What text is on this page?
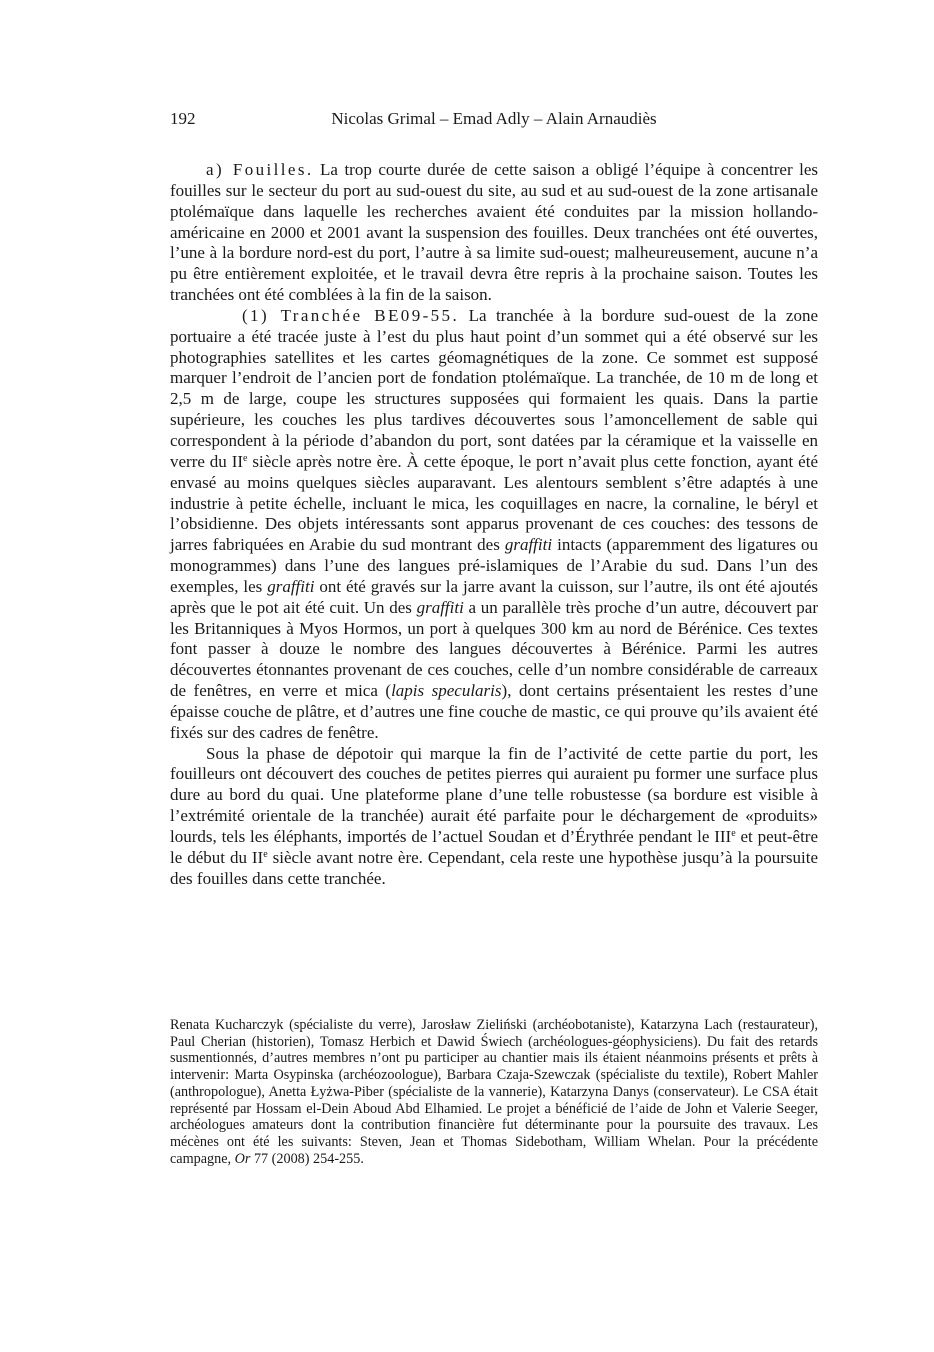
192	Nicolas Grimal – Emad Adly – Alain Arnaudiès

a) Fouilles. La trop courte durée de cette saison a obligé l’équipe à concentrer les fouilles sur le secteur du port au sud-ouest du site, au sud et au sud-ouest de la zone artisanale ptolémaïque dans laquelle les recherches avaient été conduites par la mission hollando-américaine en 2000 et 2001 avant la suspension des fouilles. Deux tranchées ont été ouvertes, l’une à la bordure nord-est du port, l’autre à sa limite sud-ouest; malheureusement, aucune n’a pu être entièrement exploitée, et le travail devra être repris à la prochaine saison. Toutes les tranchées ont été comblées à la fin de la saison.

(1) Tranchée BE09-55. La tranchée à la bordure sud-ouest de la zone portuaire a été tracée juste à l’est du plus haut point d’un sommet qui a été observé sur les photographies satellites et les cartes géomagnétiques de la zone. Ce sommet est supposé marquer l’endroit de l’ancien port de fondation ptolémaïque. La tranchée, de 10 m de long et 2,5 m de large, coupe les structures supposées qui formaient les quais. Dans la partie supérieure, les couches les plus tardives découvertes sous l’amoncellement de sable qui correspondent à la période d’abandon du port, sont datées par la céramique et la vaisselle en verre du IIe siècle après notre ère. À cette époque, le port n’avait plus cette fonction, ayant été envasé au moins quelques siècles auparavant. Les alentours semblent s’être adaptés à une industrie à petite échelle, incluant le mica, les coquillages en nacre, la cornaline, le béryl et l’obsidienne. Des objets intéressants sont apparus provenant de ces couches: des tessons de jarres fabriquées en Arabie du sud montrant des graffiti intacts (apparemment des ligatures ou monogrammes) dans l’une des langues pré-islamiques de l’Arabie du sud. Dans l’un des exemples, les graffiti ont été gravés sur la jarre avant la cuisson, sur l’autre, ils ont été ajoutés après que le pot ait été cuit. Un des graffiti a un parallèle très proche d’un autre, découvert par les Britanniques à Myos Hormos, un port à quelques 300 km au nord de Bérénice. Ces textes font passer à douze le nombre des langues découvertes à Bérénice. Parmi les autres découvertes étonnantes provenant de ces couches, celle d’un nombre considérable de carreaux de fenêtres, en verre et mica (lapis specularis), dont certains présentaient les restes d’une épaisse couche de plâtre, et d’autres une fine couche de mastic, ce qui prouve qu’ils avaient été fixés sur des cadres de fenêtre.

Sous la phase de dépotoir qui marque la fin de l’activité de cette partie du port, les fouilleurs ont découvert des couches de petites pierres qui auraient pu former une surface plus dure au bord du quai. Une plateforme plane d’une telle robustesse (sa bordure est visible à l’extrémité orientale de la tranchée) aurait été parfaite pour le déchargement de «produits» lourds, tels les éléphants, importés de l’actuel Soudan et d’Érythrée pendant le IIIe et peut-être le début du IIe siècle avant notre ère. Cependant, cela reste une hypothèse jusqu’à la poursuite des fouilles dans cette tranchée.

Renata Kucharczyk (spécialiste du verre), Jarosław Zieliński (archéobotaniste), Katarzyna Lach (restaurateur), Paul Cherian (historien), Tomasz Herbich et Dawid Świech (archéologues-géophysiciens). Du fait des retards susmentionnés, d’autres membres n’ont pu participer au chantier mais ils étaient néanmoins présents et prêts à intervenir: Marta Osypinska (archéozoologue), Barbara Czaja-Szewczak (spécialiste du textile), Robert Mahler (anthropologue), Anetta Łyżwa-Piber (spécialiste de la vannerie), Katarzyna Danys (conservateur). Le CSA était représenté par Hossam el-Dein Aboud Abd Elhamied. Le projet a bénéficié de l’aide de John et Valerie Seeger, archéologues amateurs dont la contribution financière fut déterminante pour la poursuite des travaux. Les mécènes ont été les suivants: Steven, Jean et Thomas Sidebotham, William Whelan. Pour la précédente campagne, Or 77 (2008) 254-255.
